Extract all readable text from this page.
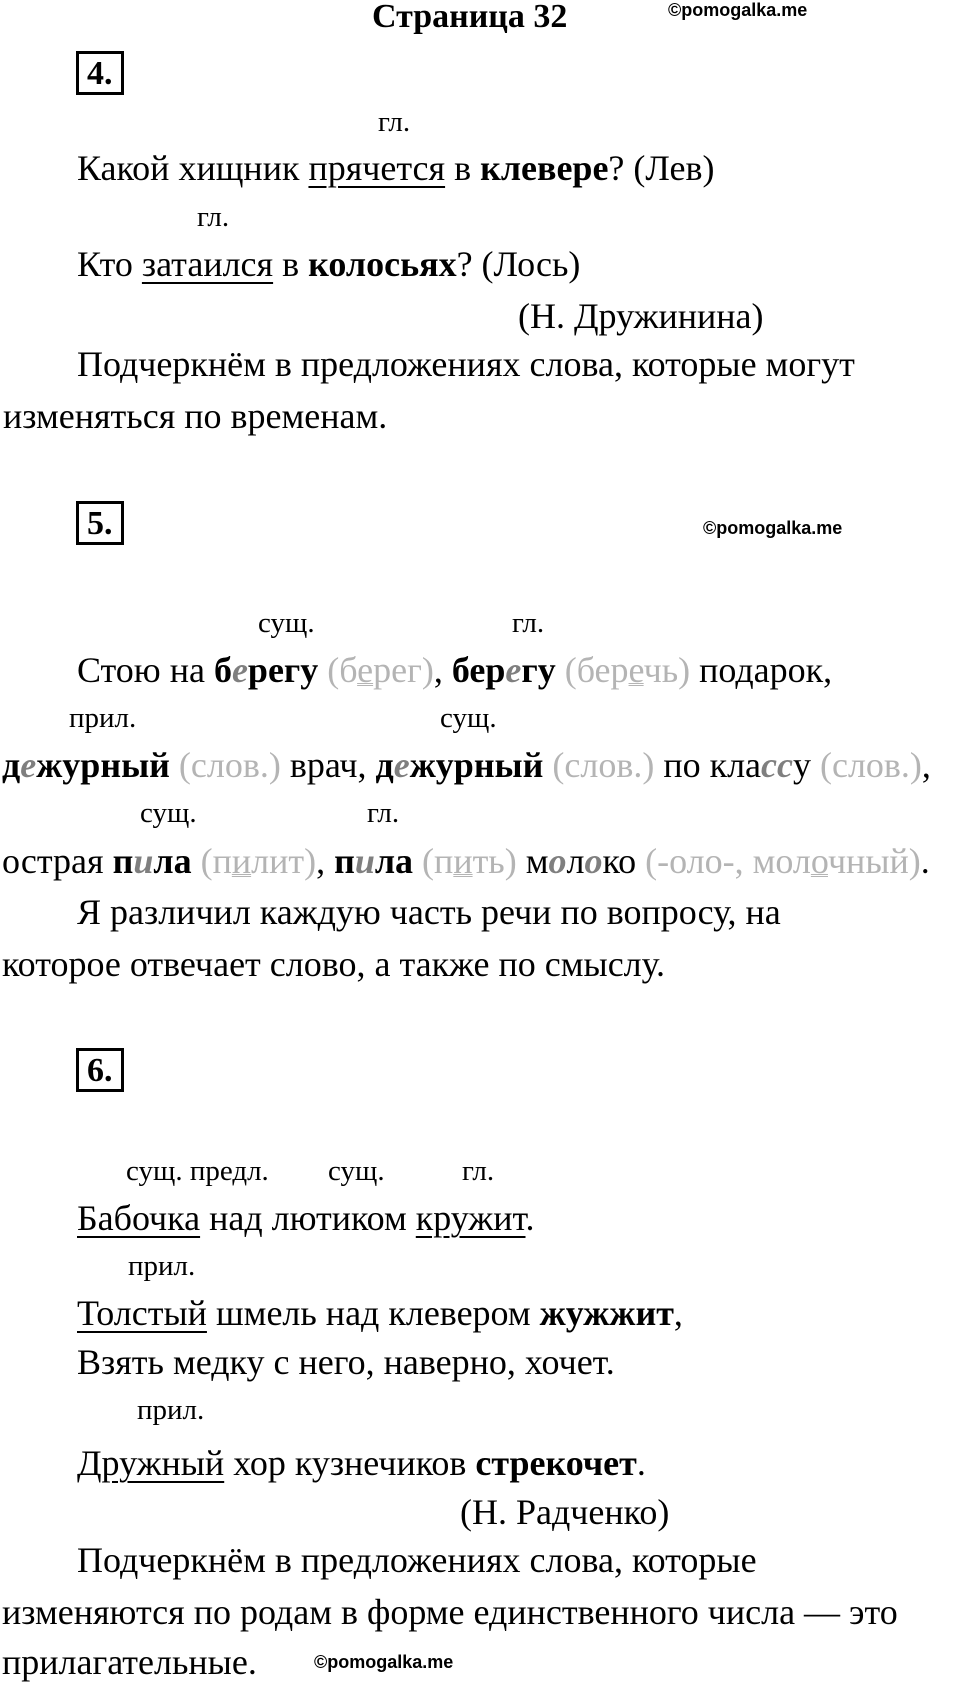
Страница 32	©pomogalka.me
4.
гл.
Какой хищник прячется в клевере? (Лев)
гл.
Кто затаился в колосьях? (Лось)
(Н. Дружинина)
Подчеркнём в предложениях слова, которые могут
изменяться по временам.
5.	©pomogalka.me
сущ.	гл.
Стою на берегу (берег), берегу (беречь) подарок,
прил.	сущ.
дежурный (слов.) врач, дежурный (слов.) по классу (слов.),
сущ.	гл.
острая пила (пилит), пила (пить) молоко (-оло-, молочный).
Я различил каждую часть речи по вопросу, на
которое отвечает слово, а также по смыслу.
6.
сущ. предл. сущ.	гл.
Бабочка над лютиком кружит.
прил.
Толстый шмель над клевером жужжит,
Взять медку с него, наверно, хочет.
прил.
Дружный хор кузнечиков стрекочет.
(Н. Радченко)
Подчеркнём в предложениях слова, которые
изменяются по родам в форме единственного числа — это
прилагательные.	©pomogalka.me
